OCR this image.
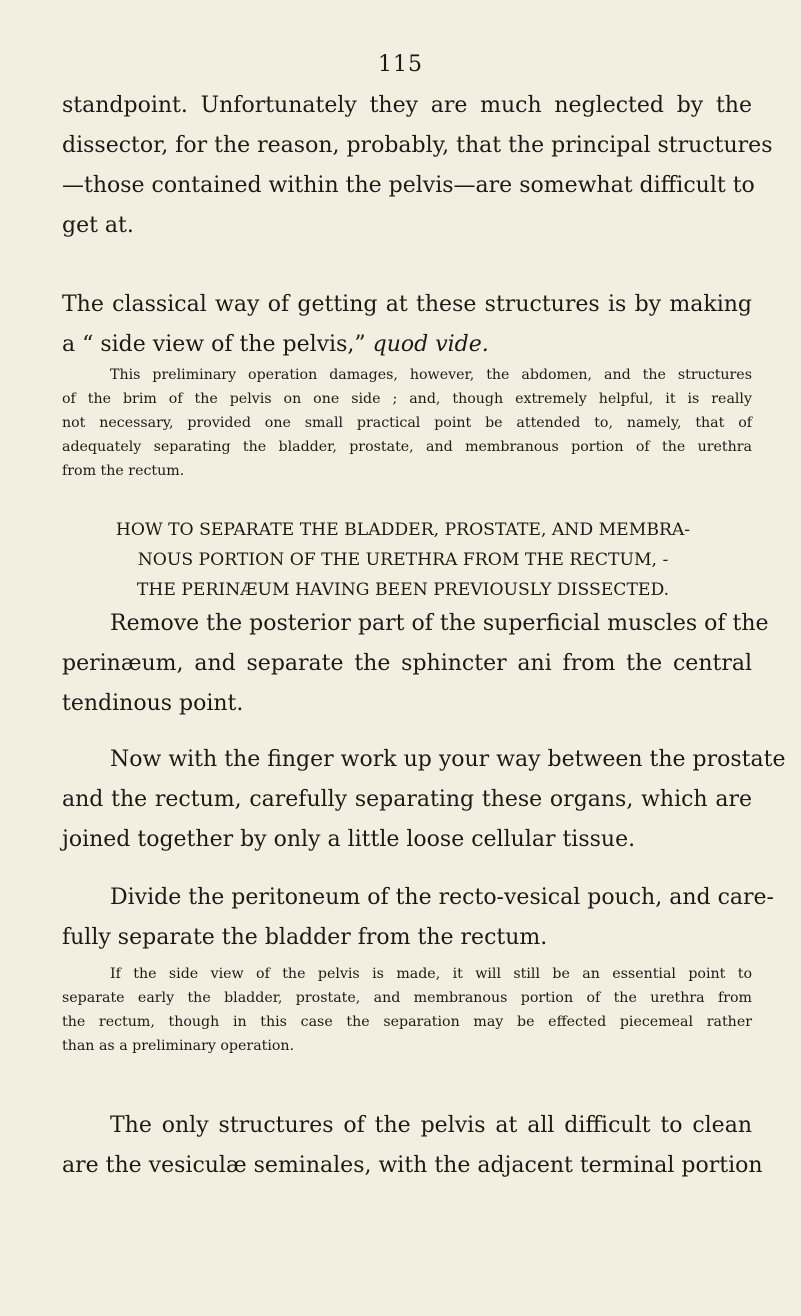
115
standpoint. Unfortunately they are much neglected by the
dissector, for the reason, probably, that the principal structures
—those contained within the pelvis—are somewhat difficult to
get at.
The classical way of getting at these structures is by making
a “ side view of the pelvis,” quod vide.
This preliminary operation damages, however, the abdomen, and the structures
of the brim of the pelvis on one side ; and, though extremely helpful, it is really
not necessary, provided one small practical point be attended to, namely, that of
adequately separating the bladder, prostate, and membranous portion of the urethra
from the rectum.
HOW TO SEPARATE THE BLADDER, PROSTATE, AND MEMBRA-
NOUS PORTION OF THE URETHRA FROM THE RECTUM, -
THE PERINÆUM HAVING BEEN PREVIOUSLY DISSECTED.
Remove the posterior part of the superficial muscles of the
perinæum, and separate the sphincter ani from the central
tendinous point.
Now with the finger work up your way between the prostate
and the rectum, carefully separating these organs, which are
joined together by only a little loose cellular tissue.
Divide the peritoneum of the recto-vesical pouch, and care-
fully separate the bladder from the rectum.
If the side view of the pelvis is made, it will still be an essential point to
separate early the bladder, prostate, and membranous portion of the urethra from
the rectum, though in this case the separation may be effected piecemeal rather
than as a preliminary operation.
The only structures of the pelvis at all difficult to clean
are the vesiculæ seminales, with the adjacent terminal portion
